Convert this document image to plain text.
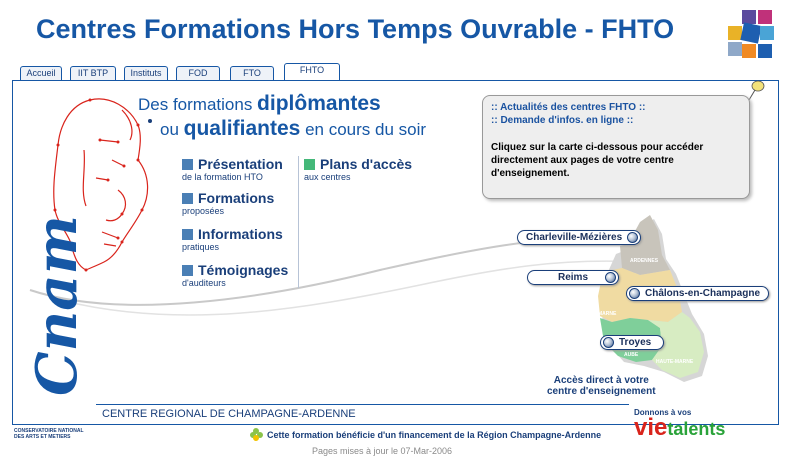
Centres Formations Hors Temps Ouvrable - FHTO
Accueil	IIT BTP	Instituts	FOD	FTO	FHTO
Des formations diplômantes
ou qualifiantes en cours du soir
Présentation
de la formation HTO
Formations
proposées
Informations
pratiques
Témoignages
d'auditeurs
Plans d'accès
aux centres
:: Actualités des centres FHTO ::
:: Demande d'infos. en ligne ::
Cliquez sur la carte ci-dessous pour accéder directement aux pages de votre centre d'enseignement.
ARDENNES
MARNE
AUBE
HAUTE-MARNE
Charleville-Mézières
Reims
Châlons-en-Champagne
Troyes
Accès direct à votre
centre d'enseignement
Cnam
CONSERVATOIRE NATIONAL
DES ARTS ET METIERS
CENTRE REGIONAL DE CHAMPAGNE-ARDENNE
Cette formation bénéficie d'un financement de la Région Champagne-Ardenne
Donnons à vos
vietalents
Pages mises à jour le 07-Mar-2006
